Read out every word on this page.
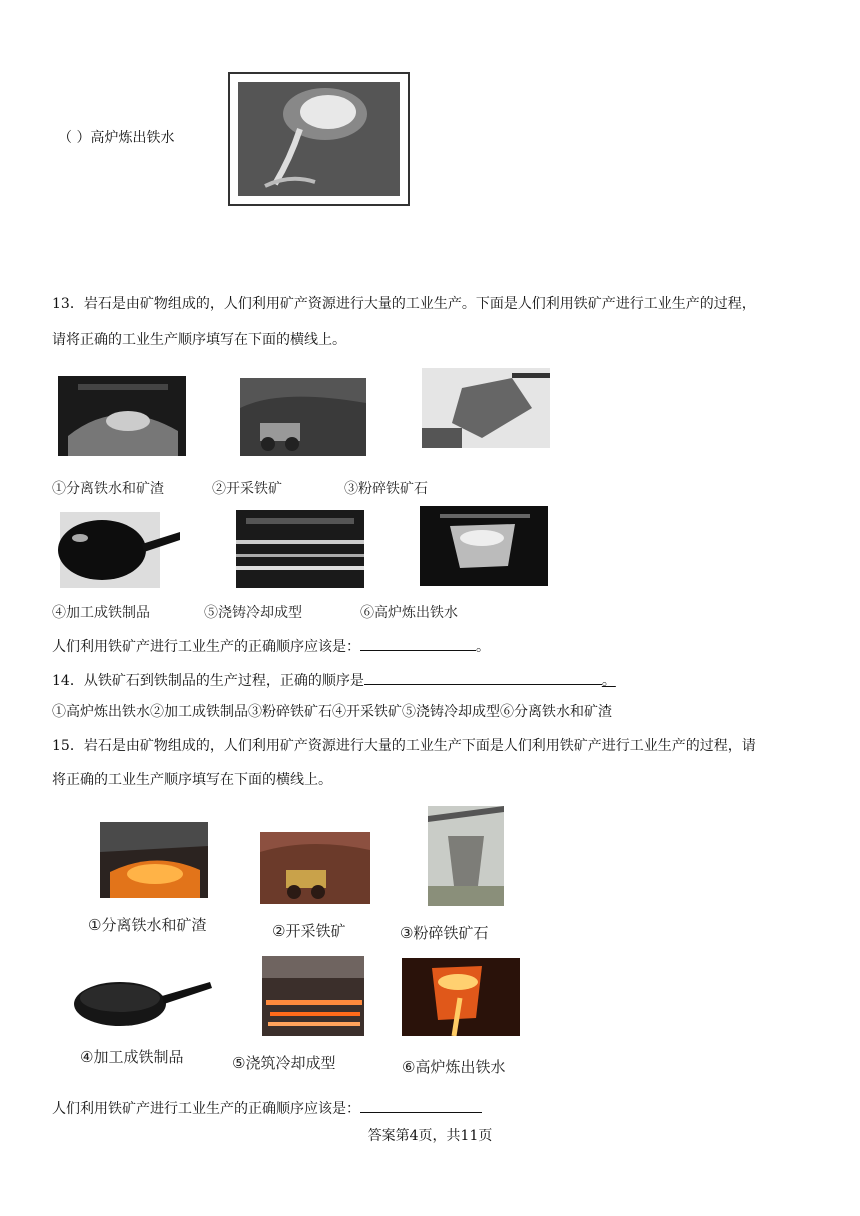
（ ）高炉炼出铁水
13．岩石是由矿物组成的，人们利用矿产资源进行大量的工业生产。下面是人们利用铁矿产进行工业生产的过程，
请将正确的工业生产顺序填写在下面的横线上。
①分离铁水和矿渣	②开采铁矿	③粉碎铁矿石
④加工成铁制品	⑤浇铸冷却成型	⑥高炉炼出铁水
人们利用铁矿产进行工业生产的正确顺序应该是：	。
14．从铁矿石到铁制品的生产过程，正确的顺序是	。
①高炉炼出铁水②加工成铁制品③粉碎铁矿石④开采铁矿⑤浇铸冷却成型⑥分离铁水和矿渣
15．岩石是由矿物组成的，人们利用矿产资源进行大量的工业生产下面是人们利用铁矿产进行工业生产的过程，请
将正确的工业生产顺序填写在下面的横线上。
①分离铁水和矿渣	②开采铁矿	③粉碎铁矿石
④加工成铁制品	⑤浇筑冷却成型	⑥高炉炼出铁水
人们利用铁矿产进行工业生产的正确顺序应该是：
答案第4页，共11页
